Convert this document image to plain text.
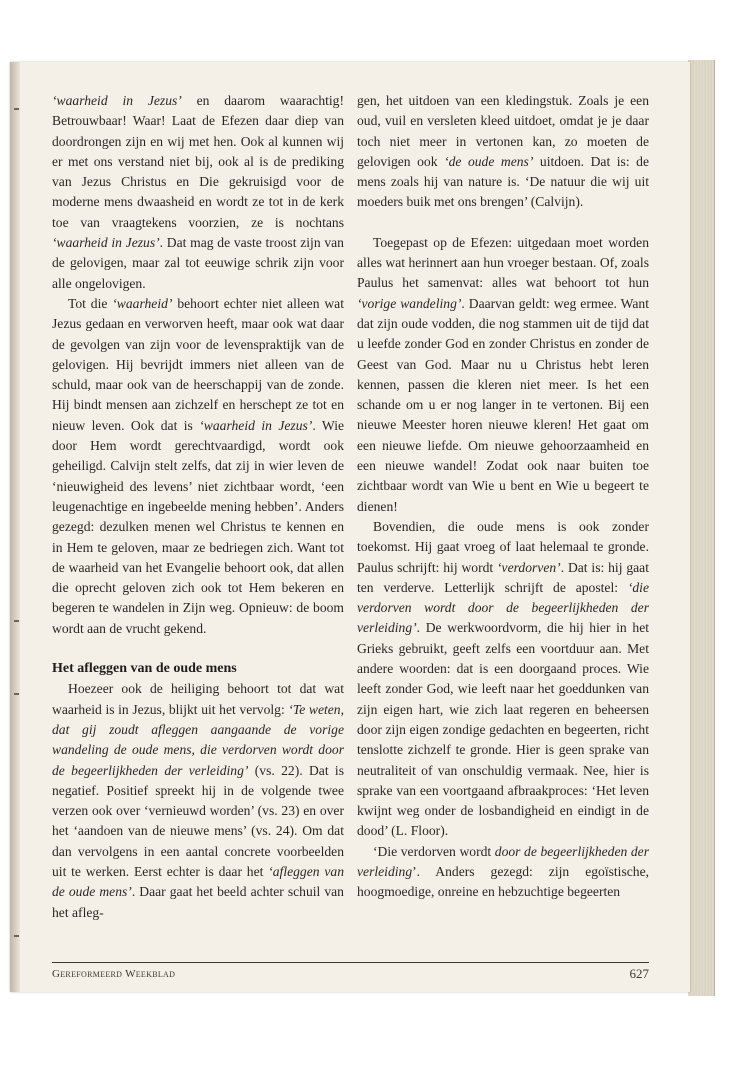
‘waarheid in Jezus’ en daarom waarachtig! Betrouwbaar! Waar! Laat de Efezen daar diep van doordrongen zijn en wij met hen. Ook al kunnen wij er met ons verstand niet bij, ook al is de prediking van Jezus Christus en Die gekruisigd voor de moderne mens dwaasheid en wordt ze tot in de kerk toe van vraagtekens voorzien, ze is nochtans ‘waarheid in Jezus’. Dat mag de vaste troost zijn van de gelovigen, maar zal tot eeuwige schrik zijn voor alle ongelovigen.

Tot die ‘waarheid’ behoort echter niet alleen wat Jezus gedaan en verworven heeft, maar ook wat daar de gevolgen van zijn voor de levenspraktijk van de gelovigen. Hij bevrijdt immers niet alleen van de schuld, maar ook van de heerschappij van de zonde. Hij bindt mensen aan zichzelf en herschept ze tot en nieuw leven. Ook dat is ‘waarheid in Jezus’. Wie door Hem wordt gerechtvaardigd, wordt ook geheiligd. Calvijn stelt zelfs, dat zij in wier leven de ‘nieuwigheid des levens’ niet zichtbaar wordt, ‘een leugenachtige en ingebeelde mening hebben’. Anders gezegd: dezulken menen wel Christus te kennen en in Hem te geloven, maar ze bedriegen zich. Want tot de waarheid van het Evangelie behoort ook, dat allen die oprecht geloven zich ook tot Hem bekeren en begeren te wandelen in Zijn weg. Opnieuw: de boom wordt aan de vrucht gekend.

Het afleggen van de oude mens

Hoezeer ook de heiliging behoort tot dat wat waarheid is in Jezus, blijkt uit het vervolg: ‘Te weten, dat gij zoudt afleggen aangaande de vorige wandeling de oude mens, die verdorven wordt door de begeerlijkheden der verleiding’ (vs. 22). Dat is negatief. Positief spreekt hij in de volgende twee verzen ook over ‘vernieuwd worden’ (vs. 23) en over het ‘aandoen van de nieuwe mens’ (vs. 24). Om dat dan vervolgens in een aantal concrete voorbeelden uit te werken. Eerst echter is daar het ‘afleggen van de oude mens’. Daar gaat het beeld achter schuil van het afleg-

gen, het uitdoen van een kledingstuk. Zoals je een oud, vuil en versleten kleed uitdoet, omdat je je daar toch niet meer in vertonen kan, zo moeten de gelovigen ook ‘de oude mens’ uitdoen. Dat is: de mens zoals hij van nature is. ‘De natuur die wij uit moeders buik met ons brengen’ (Calvijn).

Toegepast op de Efezen: uitgedaan moet worden alles wat herinnert aan hun vroeger bestaan. Of, zoals Paulus het samenvat: alles wat behoort tot hun ‘vorige wandeling’. Daarvan geldt: weg ermee. Want dat zijn oude vodden, die nog stammen uit de tijd dat u leefde zonder God en zonder Christus en zonder de Geest van God. Maar nu u Christus hebt leren kennen, passen die kleren niet meer. Is het een schande om u er nog langer in te vertonen. Bij een nieuwe Meester horen nieuwe kleren! Het gaat om een nieuwe liefde. Om nieuwe gehoorzaamheid en een nieuwe wandel! Zodat ook naar buiten toe zichtbaar wordt van Wie u bent en Wie u begeert te dienen!

Bovendien, die oude mens is ook zonder toekomst. Hij gaat vroeg of laat helemaal te gronde. Paulus schrijft: hij wordt ‘verdorven’. Dat is: hij gaat ten verderve. Letterlijk schrijft de apostel: ‘die verdorven wordt door de begeerlijkheden der verleiding’. De werkwoordvorm, die hij hier in het Grieks gebruikt, geeft zelfs een voortduur aan. Met andere woorden: dat is een doorgaand proces. Wie leeft zonder God, wie leeft naar het goeddunken van zijn eigen hart, wie zich laat regeren en beheersen door zijn eigen zondige gedachten en begeerten, richt tenslotte zichzelf te gronde. Hier is geen sprake van neutraliteit of van onschuldig vermaak. Nee, hier is sprake van een voortgaand afbraakproces: ‘Het leven kwijnt weg onder de losbandigheid en eindigt in de dood’ (L. Floor).

‘Die verdorven wordt door de begeerlijkheden der verleiding’. Anders gezegd: zijn egoïstische, hoogmoedige, onreine en hebzuchtige begeerten

Gereformeerd Weekblad	627
